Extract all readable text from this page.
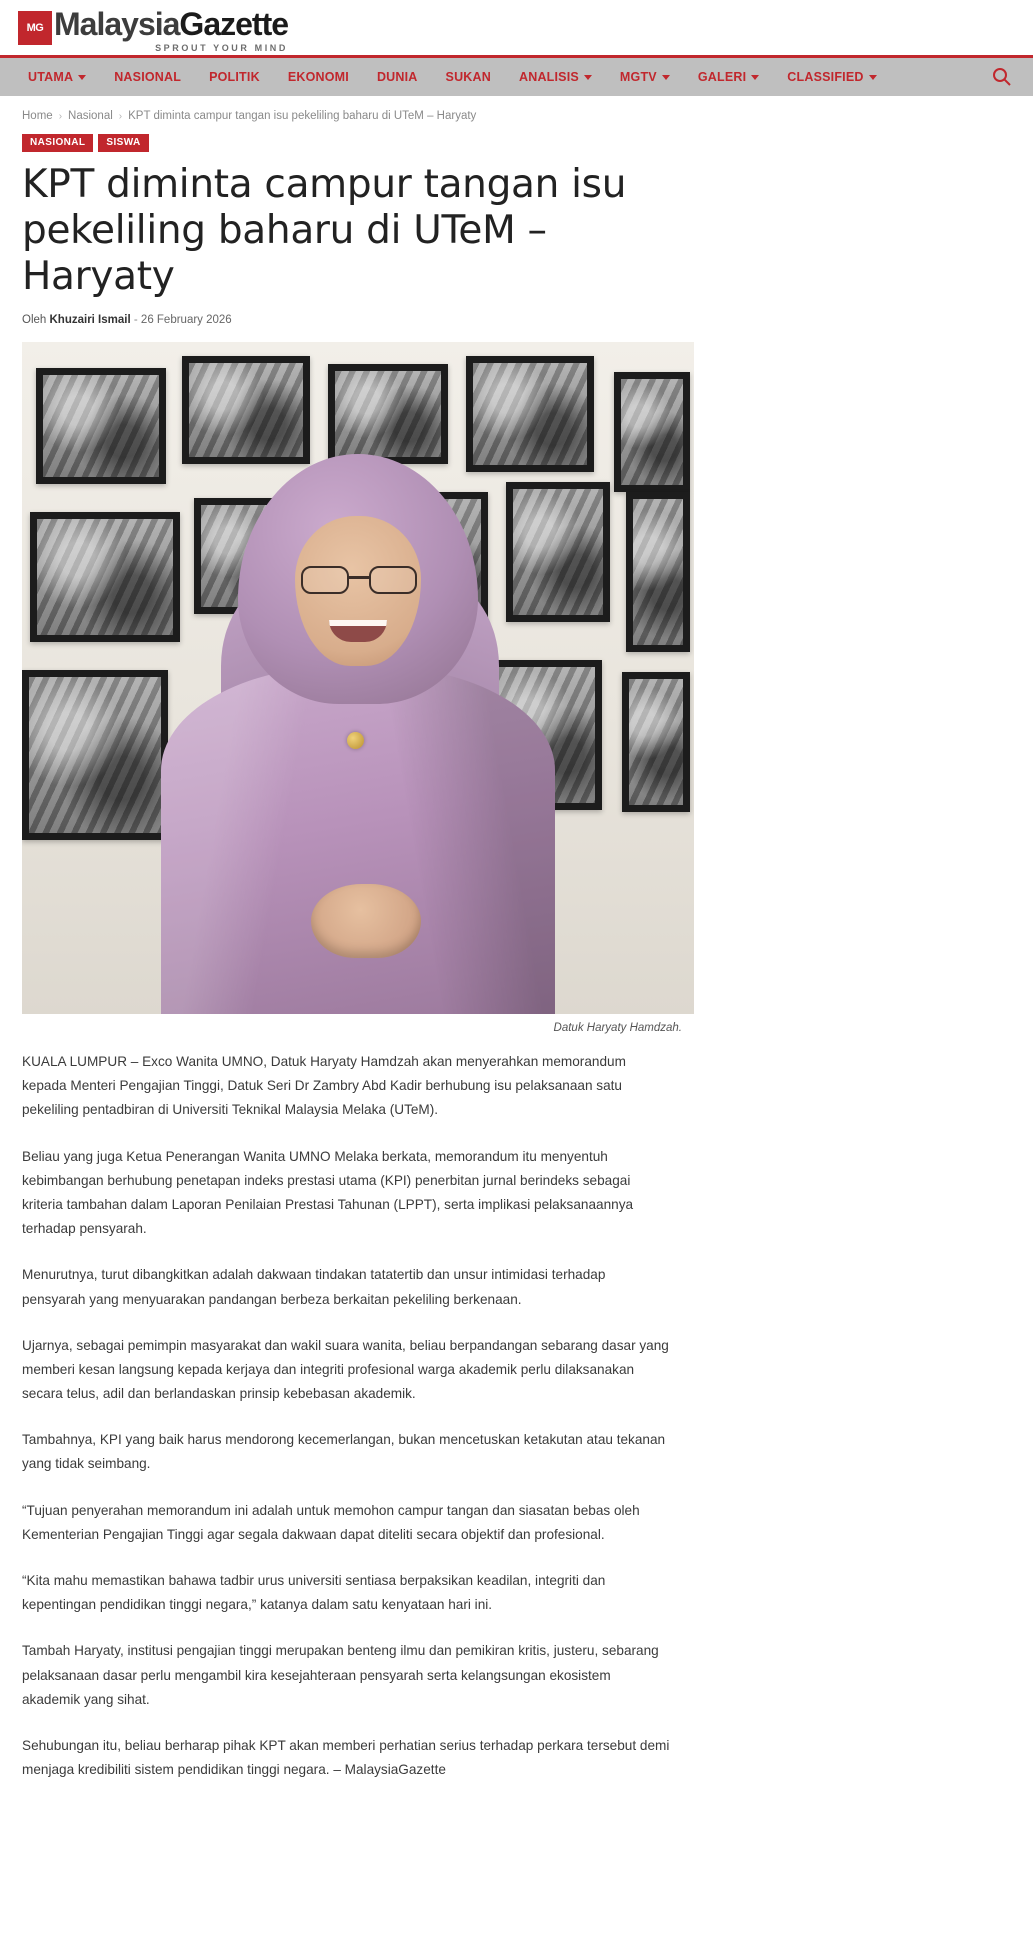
MG MalaysiaGazette
SPROUT YOUR MIND
UTAMA	NASIONAL POLITIK EKONOMI DUNIA SUKAN ANALISIS	MGTV	GALERI	CLASSIFIED
Home › Nasional › KPT diminta campur tangan isu pekeliling baharu di UTeM – Haryaty
NASIONAL	SISWA
KPT diminta campur tangan isu pekeliling baharu di UTeM – Haryaty
Oleh Khuzairi Ismail - 26 February 2026
Datuk Haryaty Hamdzah.

KUALA LUMPUR – Exco Wanita UMNO, Datuk Haryaty Hamdzah akan menyerahkan memorandum kepada Menteri Pengajian Tinggi, Datuk Seri Dr Zambry Abd Kadir berhubung isu pelaksanaan satu pekeliling pentadbiran di Universiti Teknikal Malaysia Melaka (UTeM).

Beliau yang juga Ketua Penerangan Wanita UMNO Melaka berkata, memorandum itu menyentuh kebimbangan berhubung penetapan indeks prestasi utama (KPI) penerbitan jurnal berindeks sebagai kriteria tambahan dalam Laporan Penilaian Prestasi Tahunan (LPPT), serta implikasi pelaksanaannya terhadap pensyarah.

Menurutnya, turut dibangkitkan adalah dakwaan tindakan tatatertib dan unsur intimidasi terhadap pensyarah yang menyuarakan pandangan berbeza berkaitan pekeliling berkenaan.

Ujarnya, sebagai pemimpin masyarakat dan wakil suara wanita, beliau berpandangan sebarang dasar yang memberi kesan langsung kepada kerjaya dan integriti profesional warga akademik perlu dilaksanakan secara telus, adil dan berlandaskan prinsip kebebasan akademik.

Tambahnya, KPI yang baik harus mendorong kecemerlangan, bukan mencetuskan ketakutan atau tekanan yang tidak seimbang.

“Tujuan penyerahan memorandum ini adalah untuk memohon campur tangan dan siasatan bebas oleh Kementerian Pengajian Tinggi agar segala dakwaan dapat diteliti secara objektif dan profesional.

“Kita mahu memastikan bahawa tadbir urus universiti sentiasa berpaksikan keadilan, integriti dan kepentingan pendidikan tinggi negara,” katanya dalam satu kenyataan hari ini.

Tambah Haryaty, institusi pengajian tinggi merupakan benteng ilmu dan pemikiran kritis, justeru, sebarang pelaksanaan dasar perlu mengambil kira kesejahteraan pensyarah serta kelangsungan ekosistem akademik yang sihat.

Sehubungan itu, beliau berharap pihak KPT akan memberi perhatian serius terhadap perkara tersebut demi menjaga kredibiliti sistem pendidikan tinggi negara. – MalaysiaGazette
